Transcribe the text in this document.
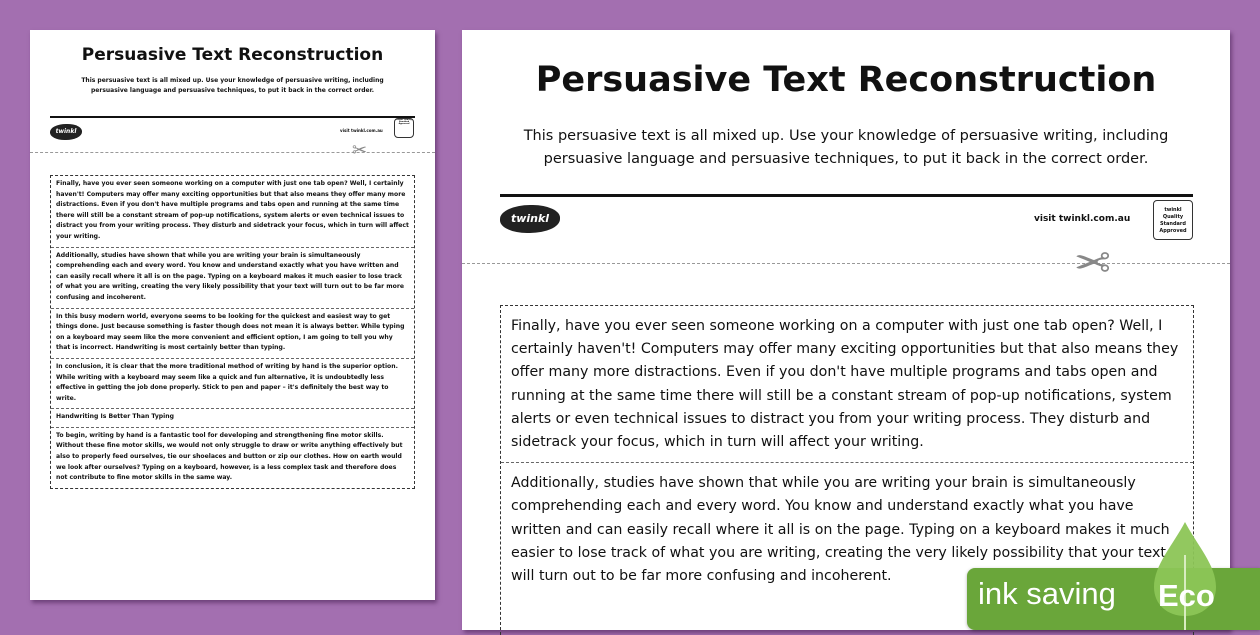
Persuasive Text Reconstruction
This persuasive text is all mixed up. Use your knowledge of persuasive writing, including persuasive language and persuasive techniques, to put it back in the correct order.
twinkl	visit twinkl.com.au
twinkl Quality Standard Approved
✂
Finally, have you ever seen someone working on a computer with just one tab open? Well, I certainly haven't! Computers may offer many exciting opportunities but that also means they offer many more distractions. Even if you don't have multiple programs and tabs open and running at the same time there will still be a constant stream of pop-up notifications, system alerts or even technical issues to distract you from your writing process. They disturb and sidetrack your focus, which in turn will affect your writing.
Additionally, studies have shown that while you are writing your brain is simultaneously comprehending each and every word. You know and understand exactly what you have written and can easily recall where it all is on the page. Typing on a keyboard makes it much easier to lose track of what you are writing, creating the very likely possibility that your text will turn out to be far more confusing and incoherent.
In this busy modern world, everyone seems to be looking for the quickest and easiest way to get things done. Just because something is faster though does not mean it is always better. While typing on a keyboard may seem like the more convenient and efficient option, I am going to tell you why that is incorrect. Handwriting is most certainly better than typing.
In conclusion, it is clear that the more traditional method of writing by hand is the superior option. While writing with a keyboard may seem like a quick and fun alternative, it is undoubtedly less effective in getting the job done properly. Stick to pen and paper – it's definitely the best way to write.
Handwriting Is Better Than Typing
To begin, writing by hand is a fantastic tool for developing and strengthening fine motor skills. Without these fine motor skills, we would not only struggle to draw or write anything effectively but also to properly feed ourselves, tie our shoelaces and button or zip our clothes. How on earth would we look after ourselves? Typing on a keyboard, however, is a less complex task and therefore does not contribute to fine motor skills in the same way.
Persuasive Text Reconstruction
This persuasive text is all mixed up. Use your knowledge of persuasive writing, including persuasive language and persuasive techniques, to put it back in the correct order.
twinkl	visit twinkl.com.au
twinkl Quality Standard Approved
✂
Finally, have you ever seen someone working on a computer with just one tab open? Well, I certainly haven't! Computers may offer many exciting opportunities but that also means they offer many more distractions. Even if you don't have multiple programs and tabs open and running at the same time there will still be a constant stream of pop-up notifications, system alerts or even technical issues to distract you from your writing process. They disturb and sidetrack your focus, which in turn will affect your writing.
Additionally, studies have shown that while you are writing your brain is simultaneously comprehending each and every word. You know and understand exactly what you have written and can easily recall where it all is on the page. Typing on a keyboard makes it much easier to lose track of what you are writing, creating the very likely possibility that your text will turn out to be far more confusing and incoherent.	ink saving Eco
